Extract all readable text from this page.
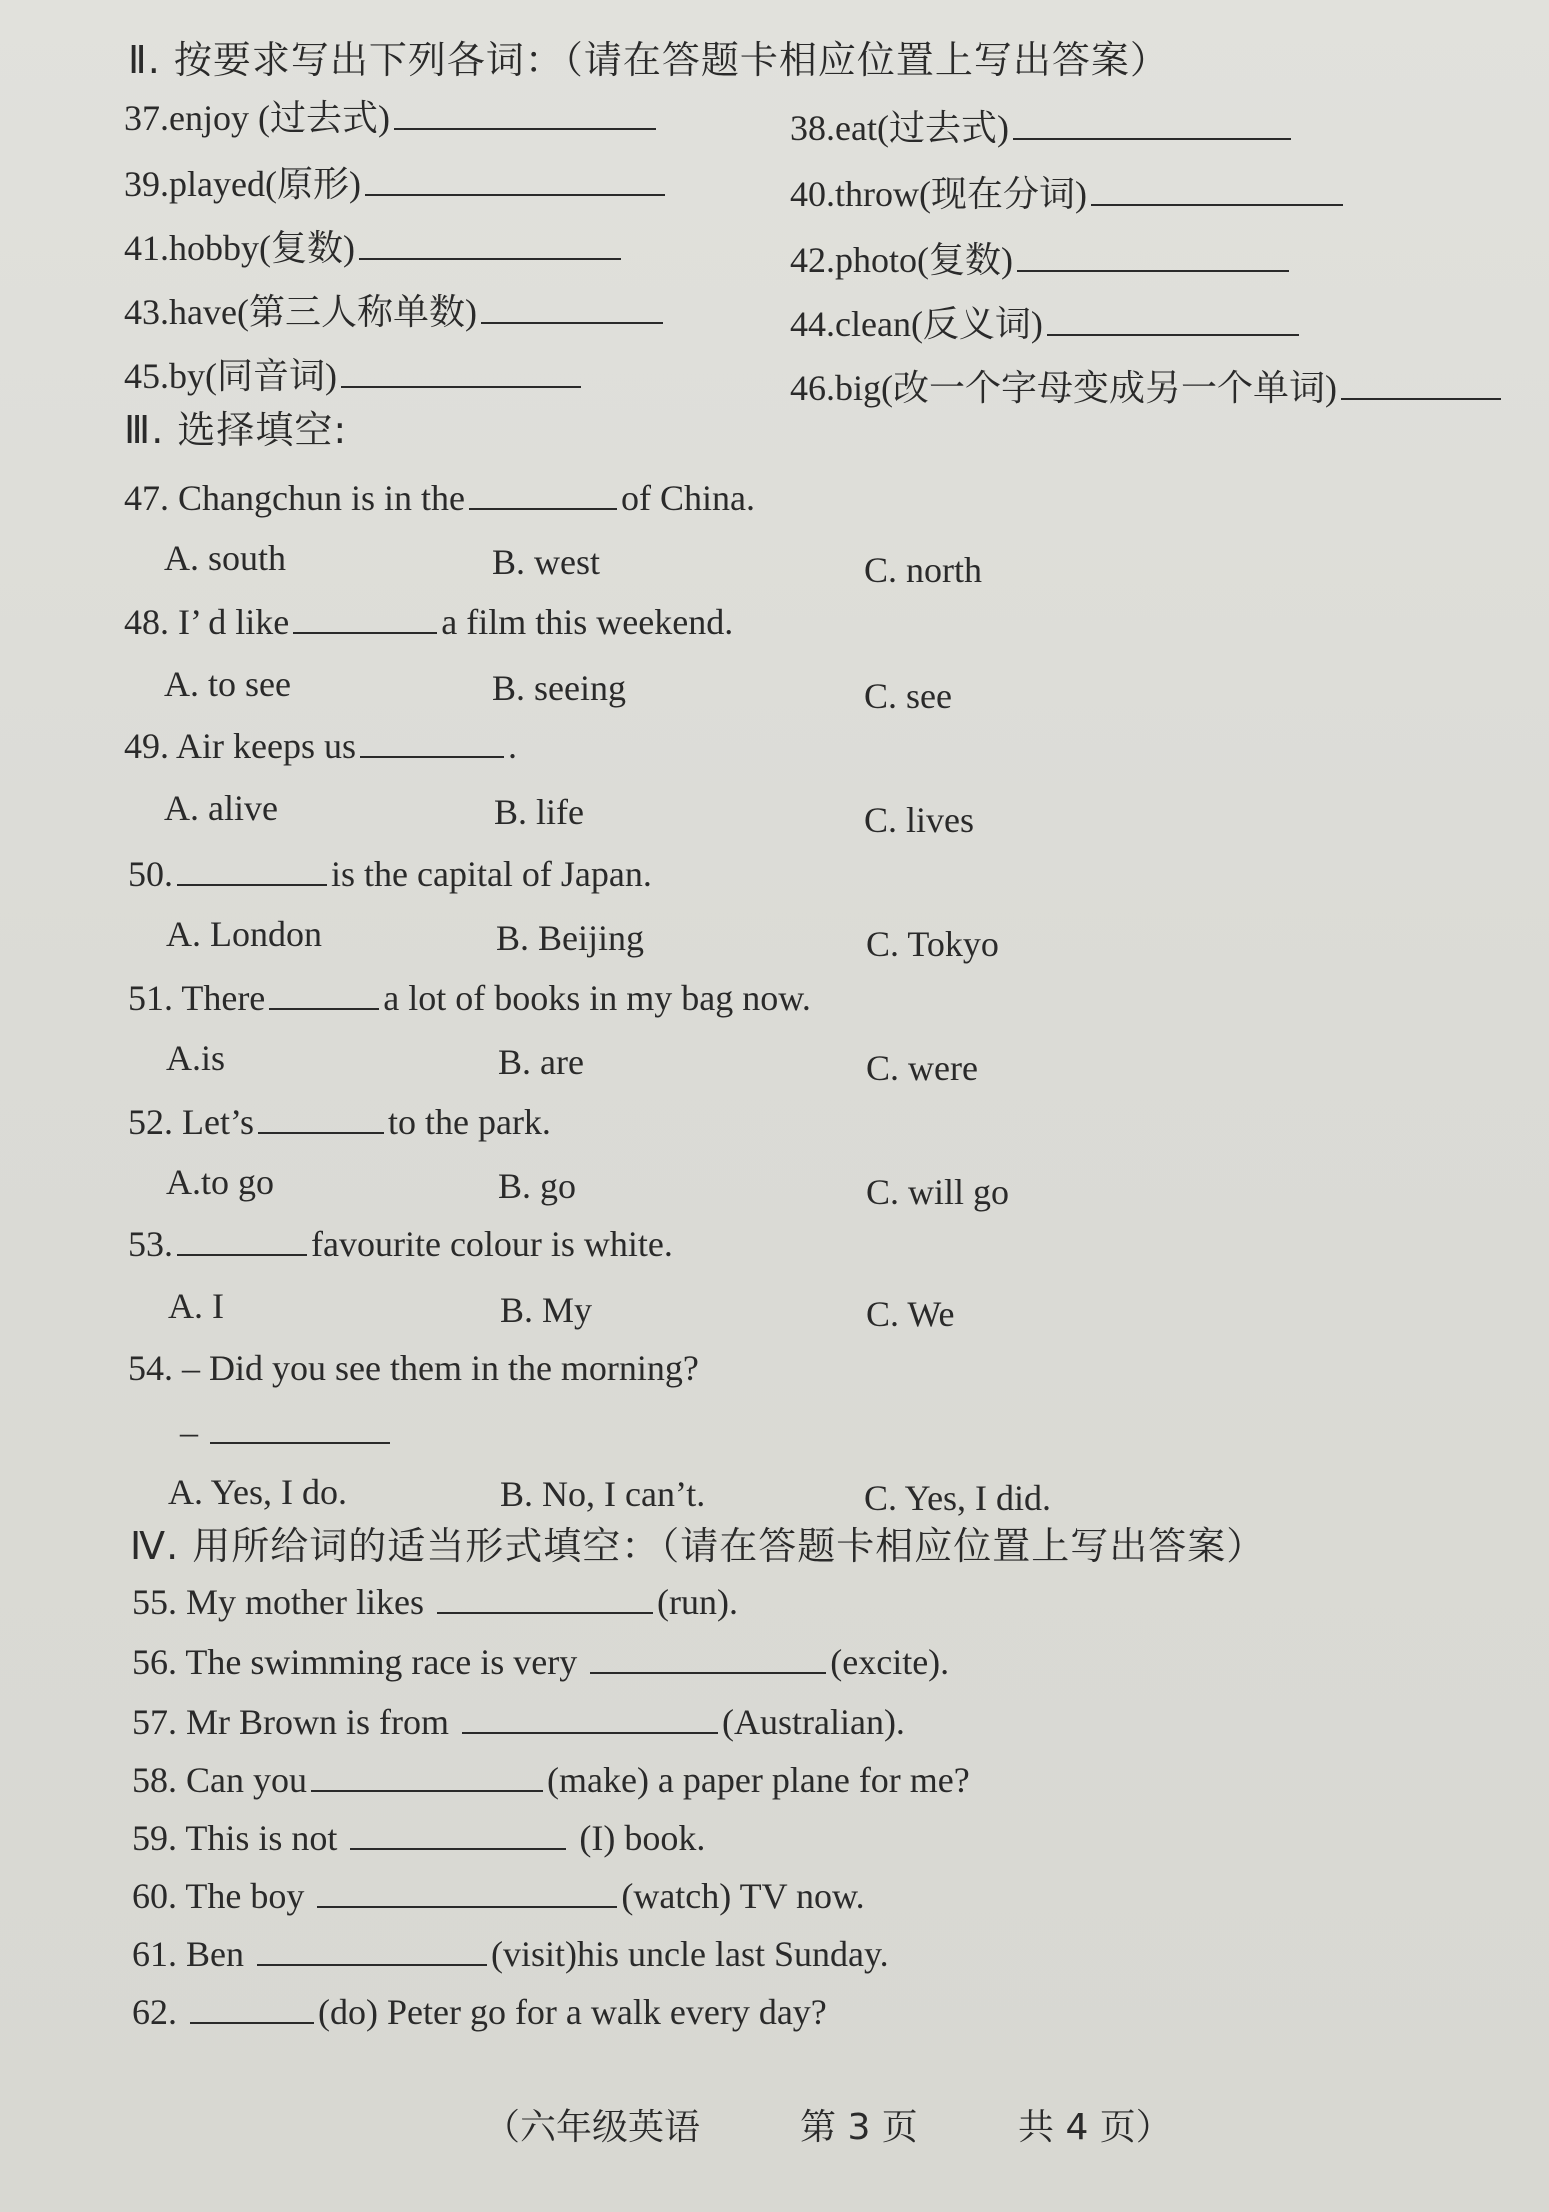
Ⅱ. 按要求写出下列各词：（请在答题卡相应位置上写出答案）
37.enjoy (过去式)	38.eat(过去式)
39.played(原形)	40.throw(现在分词)
41.hobby(复数)	42.photo(复数)
43.have(第三人称单数)	44.clean(反义词)
45.by(同音词)	46.big(改一个字母变成另一个单词)
Ⅲ. 选择填空:
47. Changchun is in the	of China.
A. south	B. west	C. north
48. I’ d like	a film this weekend.
A. to see	B. seeing	C. see
49. Air keeps us	.
A. alive	B. life	C. lives
50.	is the capital of Japan.
A. London	B. Beijing	C. Tokyo
51. There	a lot of books in my bag now.
A.is	B. are	C. were
52. Let’s	to the park.
A.to go	B. go	C. will go
53.	favourite colour is white.
A. I	B. My	C. We
54. – Did you see them in the morning?
–
A. Yes, I do.	B. No, I can’t.	C. Yes, I did.
Ⅳ. 用所给词的适当形式填空：（请在答题卡相应位置上写出答案）
55. My mother likes	(run).
56. The swimming race is very	(excite).
57. Mr Brown is from	(Australian).
58. Can you	(make) a paper plane for me?
59. This is not	(I) book.
60. The boy	(watch) TV now.
61. Ben	(visit)his uncle last Sunday.
62.	(do) Peter go for a walk every day?
（六年级英语	第 3 页	共 4 页）
